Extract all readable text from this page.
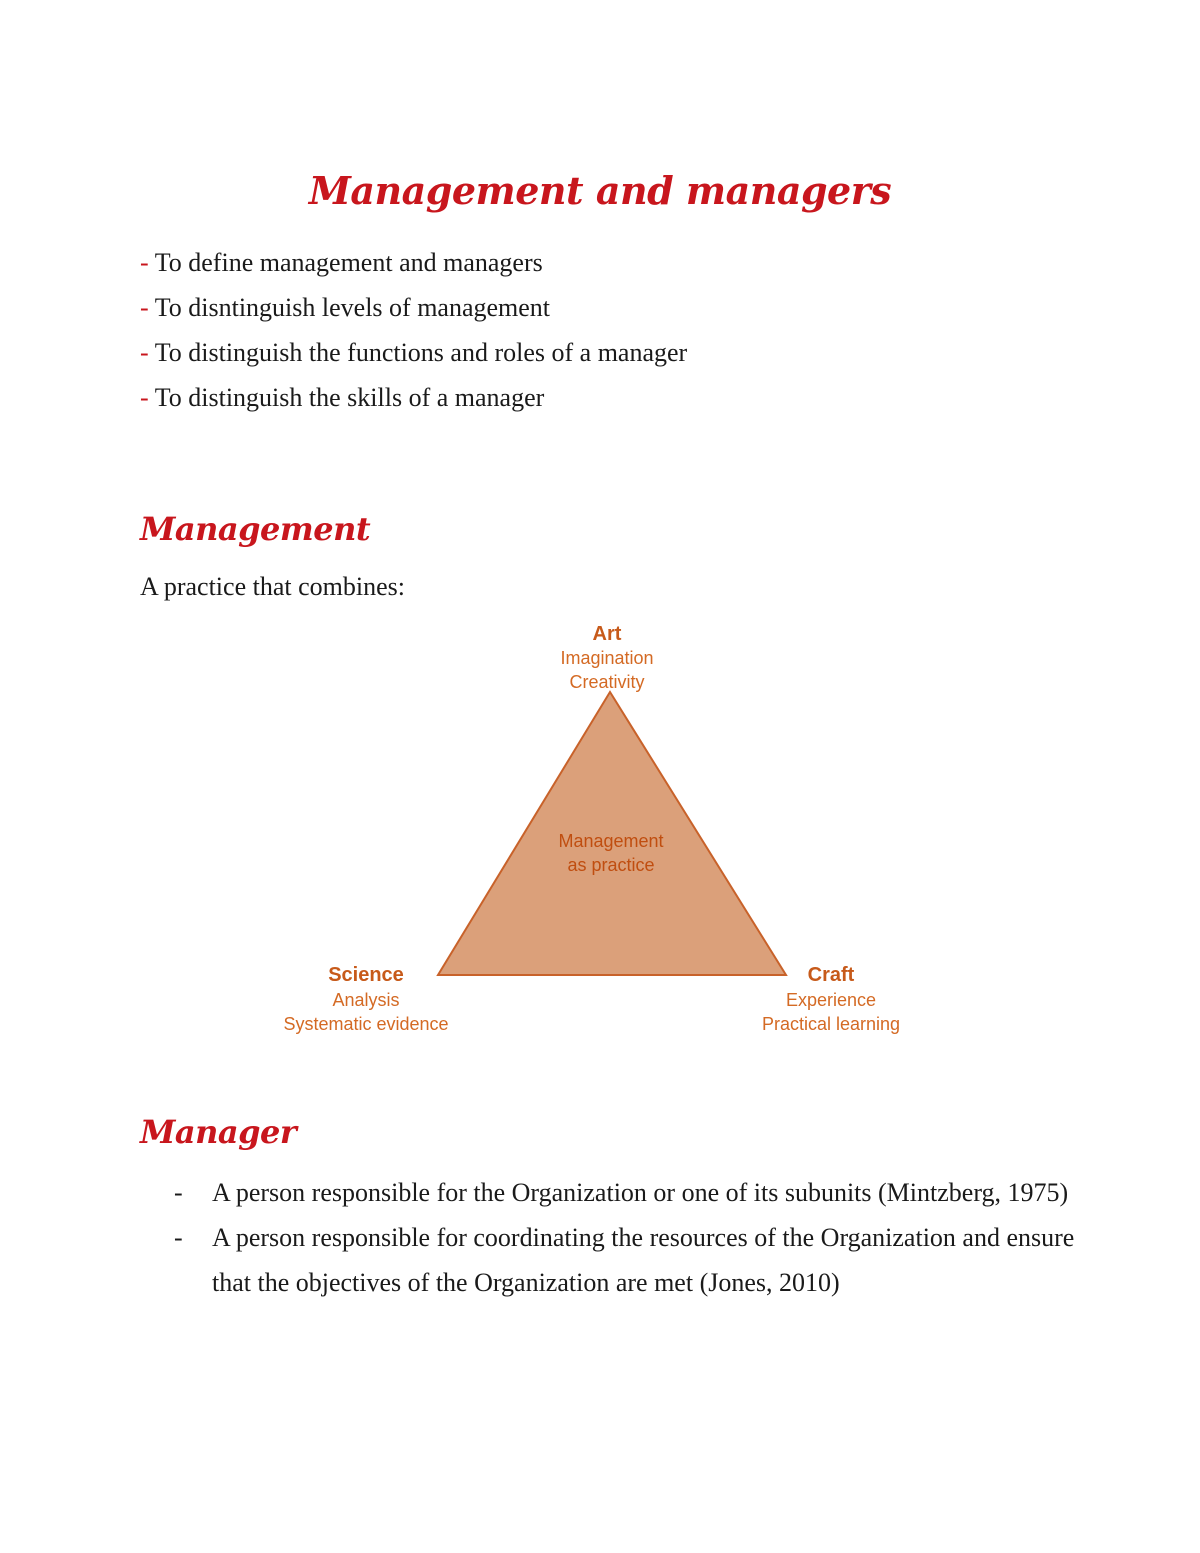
Management and managers
- To define management and managers
- To disntinguish levels of management
- To distinguish the functions and roles of a manager
- To distinguish the skills of a manager
Management
A practice that combines:
Art
Imagination
Creativity
Management
as practice
Science
Analysis
Systematic evidence
Craft
Experience
Practical learning
Manager
- A person responsible for the Organization or one of its subunits (Mintzberg, 1975)
- A person responsible for coordinating the resources of the Organization and ensure that the objectives of the Organization are met (Jones, 2010)
